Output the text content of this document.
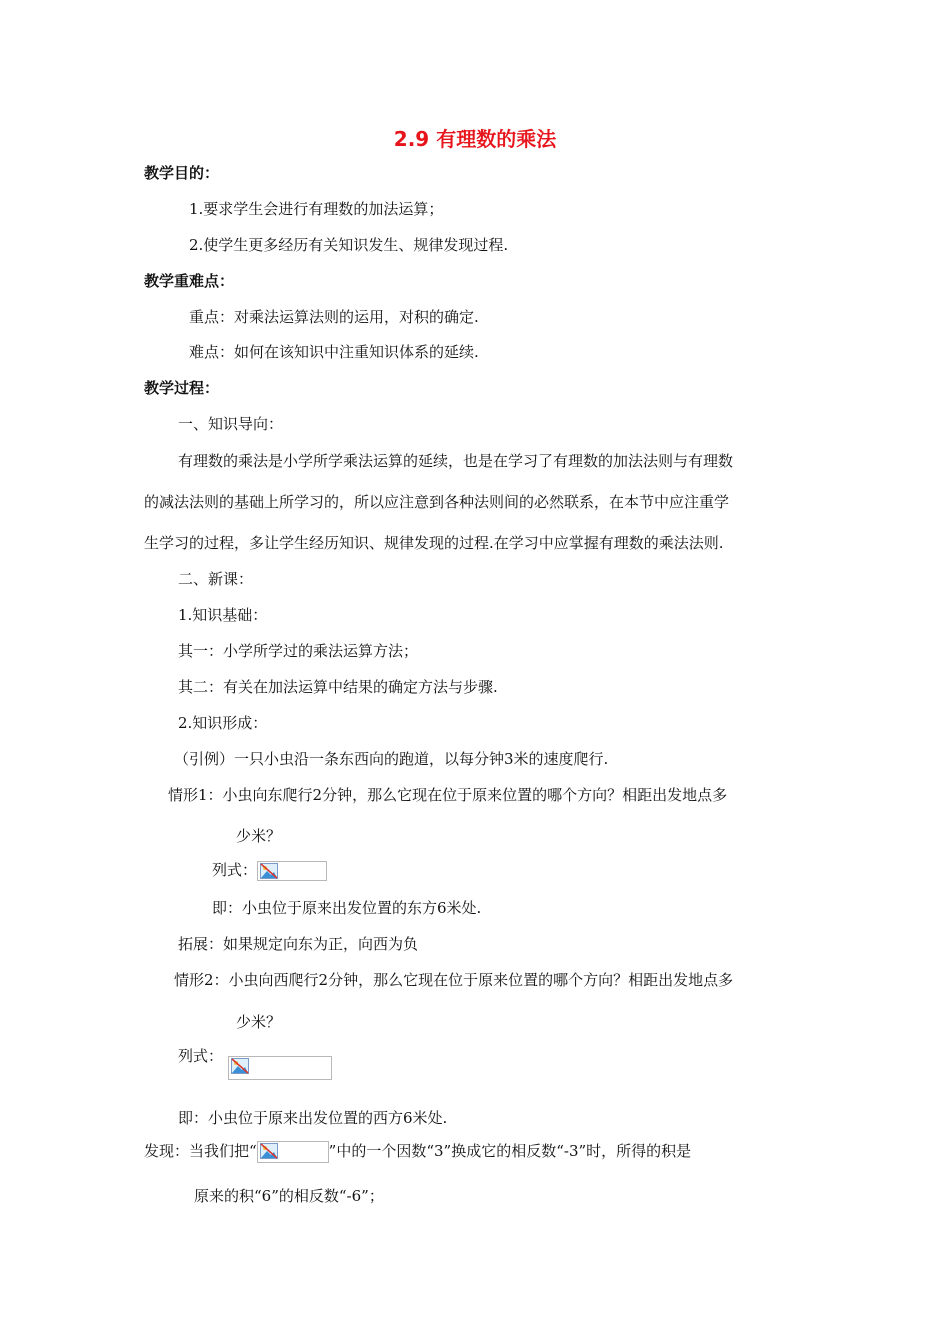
2.9 有理数的乘法
教学目的：
1.要求学生会进行有理数的加法运算；
2.使学生更多经历有关知识发生、规律发现过程.
教学重难点：
重点：对乘法运算法则的运用，对积的确定.
难点：如何在该知识中注重知识体系的延续.
教学过程：
一、知识导向：
有理数的乘法是小学所学乘法运算的延续，也是在学习了有理数的加法法则与有理数
的减法法则的基础上所学习的，所以应注意到各种法则间的必然联系，在本节中应注重学
生学习的过程，多让学生经历知识、规律发现的过程.在学习中应掌握有理数的乘法法则.
二、新课：
1.知识基础：
其一：小学所学过的乘法运算方法；
其二：有关在加法运算中结果的确定方法与步骤.
2.知识形成：
（引例）一只小虫沿一条东西向的跑道，以每分钟3米的速度爬行.
情形1：小虫向东爬行2分钟，那么它现在位于原来位置的哪个方向？相距出发地点多
少米？
列式：
即：小虫位于原来出发位置的东方6米处.
拓展：如果规定向东为正，向西为负
情形2：小虫向西爬行2分钟，那么它现在位于原来位置的哪个方向？相距出发地点多
少米？
列式：
即：小虫位于原来出发位置的西方6米处.
发现：当我们把“	”中的一个因数“3”换成它的相反数“-3”时，所得的积是
原来的积“6”的相反数“-6”；
